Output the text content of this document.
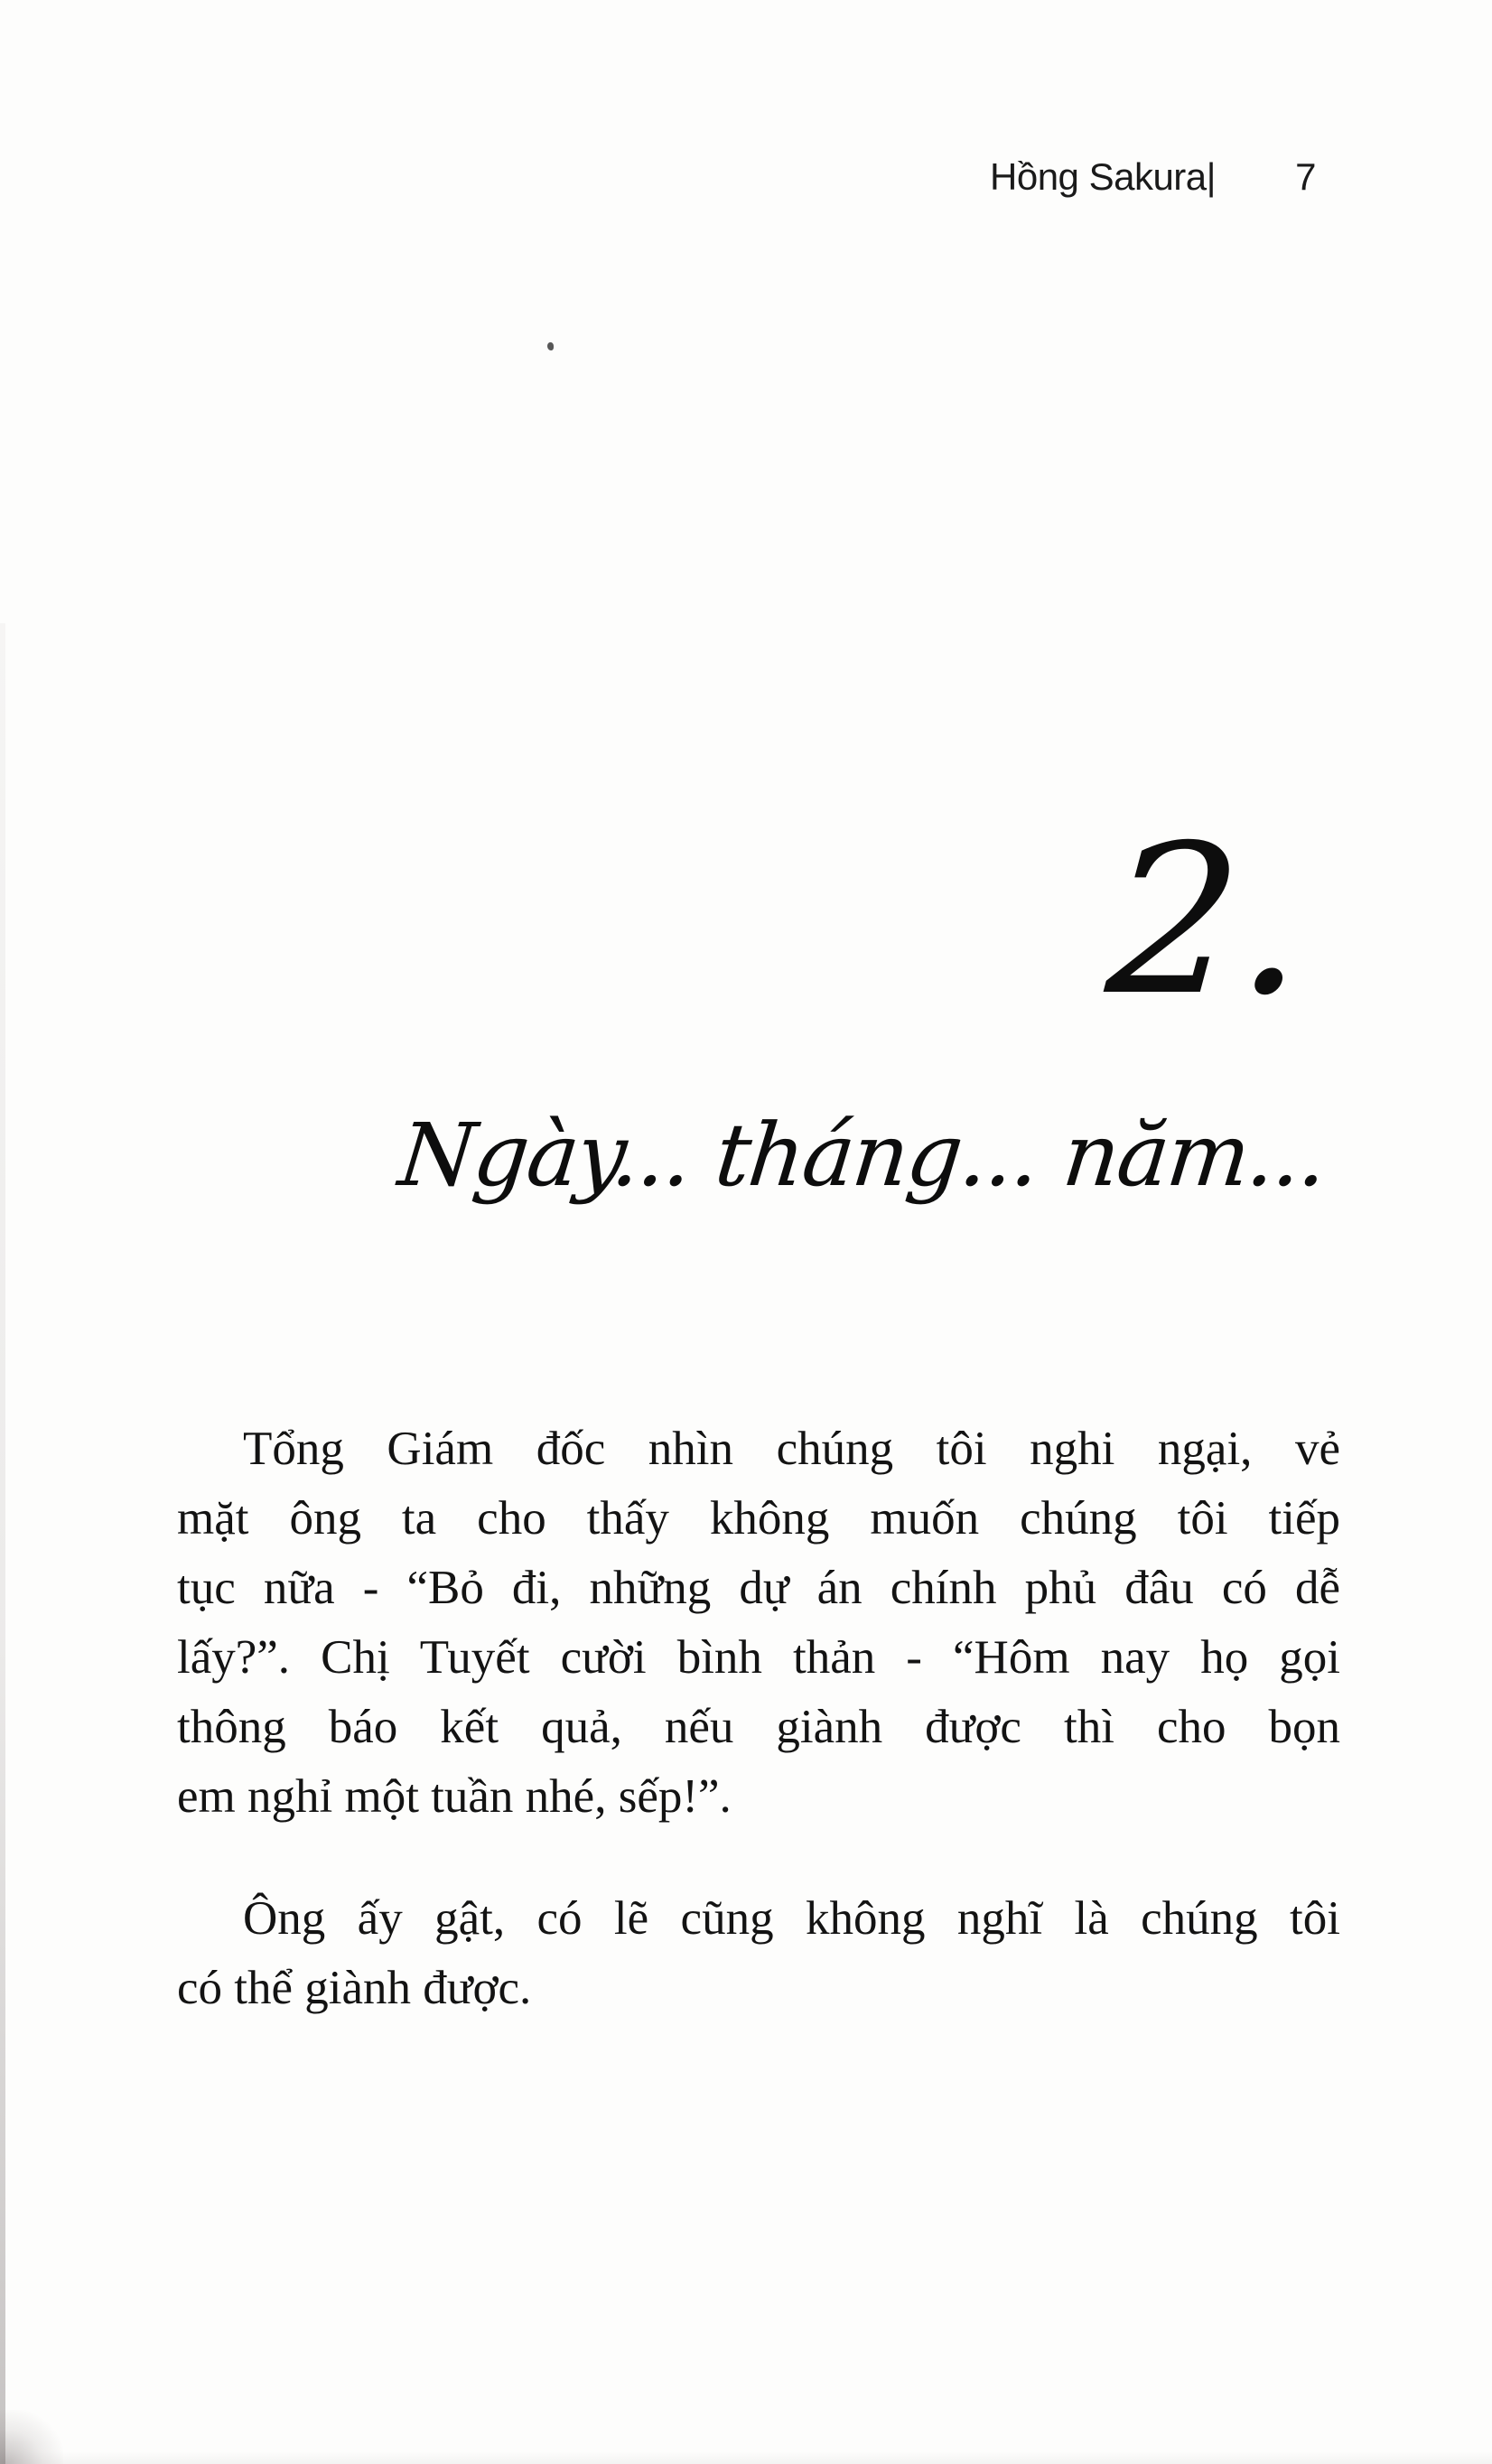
Hồng Sakura| 7
2.
Ngày... tháng... năm...
Tổng Giám đốc nhìn chúng tôi nghi ngại, vẻ
mặt ông ta cho thấy không muốn chúng tôi tiếp
tục nữa - “Bỏ đi, những dự án chính phủ đâu có dễ
lấy?”. Chị Tuyết cười bình thản - “Hôm nay họ gọi
thông báo kết quả, nếu giành được thì cho bọn
em nghỉ một tuần nhé, sếp!”.
Ông ấy gật, có lẽ cũng không nghĩ là chúng tôi
có thể giành được.
